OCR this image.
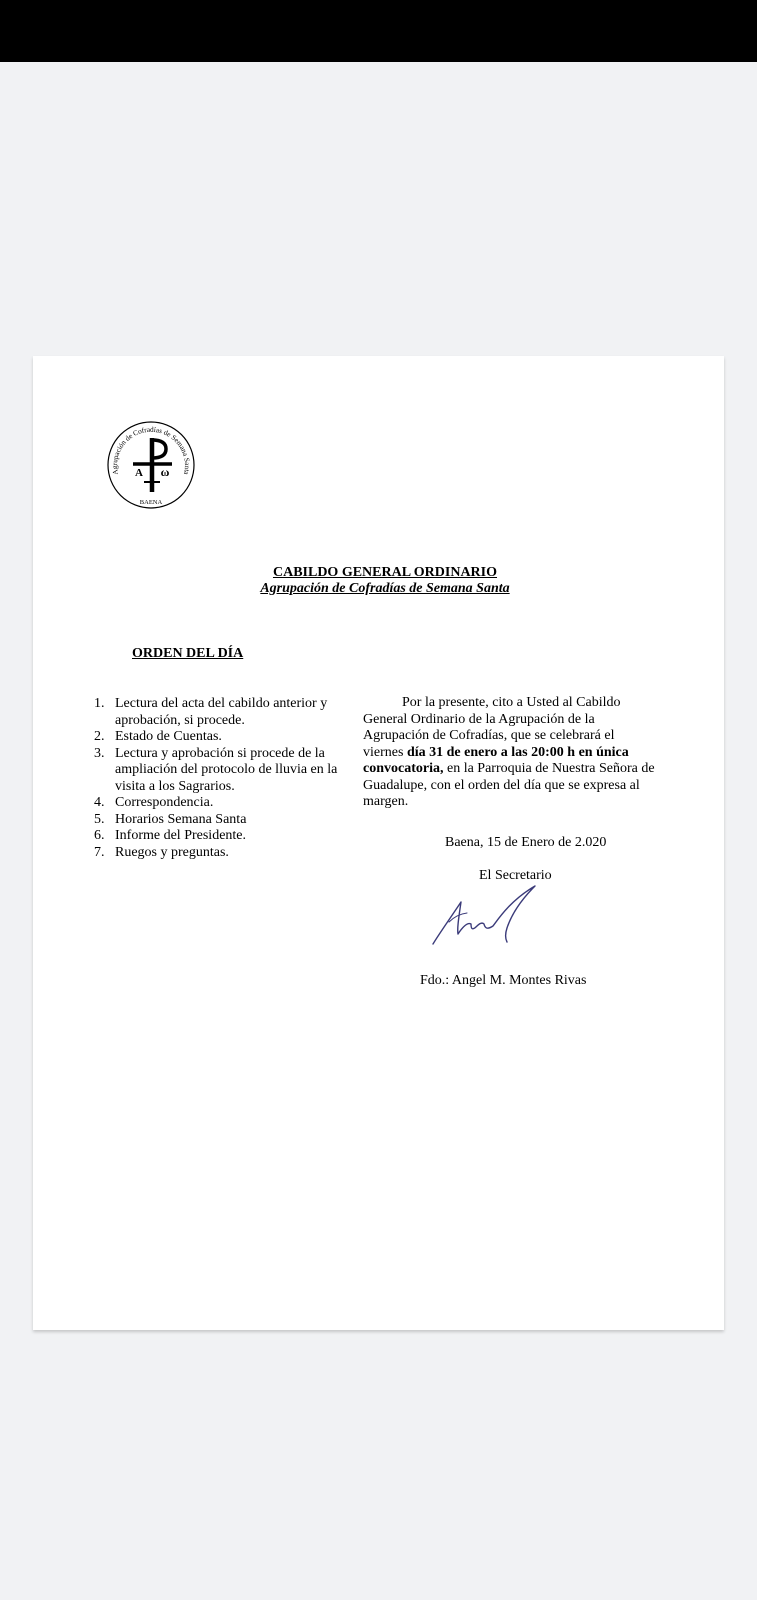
Agrupación de Cofradías de Semana Santa
BAENA
A ω
CABILDO GENERAL ORDINARIO
Agrupación de Cofradías de Semana Santa
ORDEN DEL DÍA
1. Lectura del acta del cabildo anterior y aprobación, si procede.
2. Estado de Cuentas.
3. Lectura y aprobación si procede de la ampliación del protocolo de lluvia en la visita a los Sagrarios.
4. Correspondencia.
5. Horarios Semana Santa
6. Informe del Presidente.
7. Ruegos y preguntas.

Por la presente, cito a Usted al Cabildo General Ordinario de la Agrupación de la Agrupación de Cofradías, que se celebrará el viernes día 31 de enero a las 20:00 h en única convocatoria, en la Parroquia de Nuestra Señora de Guadalupe, con el orden del día que se expresa al margen.

Baena, 15 de Enero de 2.020
El Secretario
Fdo.: Angel M. Montes Rivas
